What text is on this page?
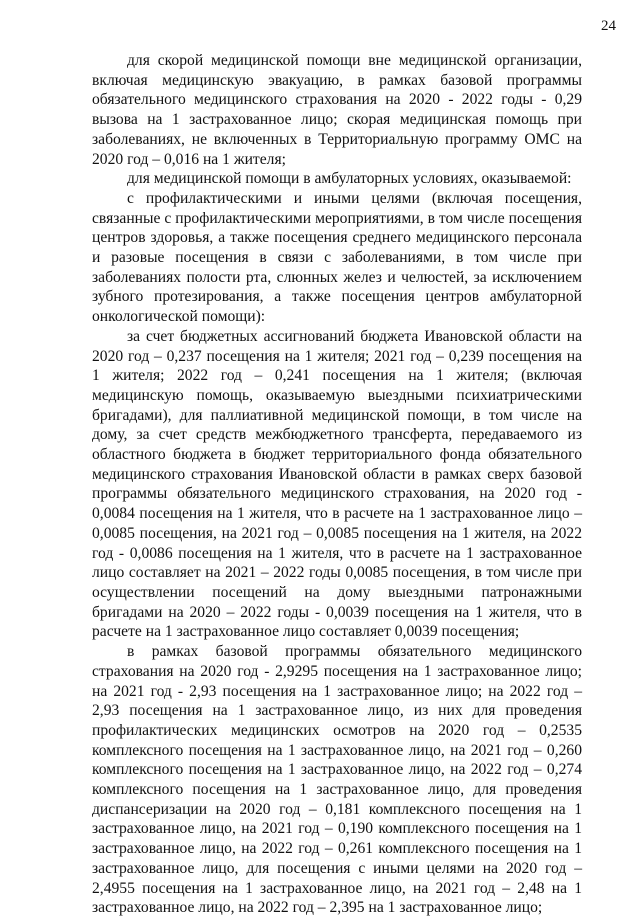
24

для скорой медицинской помощи вне медицинской организации, включая медицинскую эвакуацию, в рамках базовой программы обязательного медицинского страхования на 2020 - 2022 годы - 0,29 вызова на 1 застрахованное лицо; скорая медицинская помощь при заболеваниях, не включенных в Территориальную программу ОМС на 2020 год – 0,016 на 1 жителя;

для медицинской помощи в амбулаторных условиях, оказываемой:

с профилактическими и иными целями (включая посещения, связанные с профилактическими мероприятиями, в том числе посещения центров здоровья, а также посещения среднего медицинского персонала и разовые посещения в связи с заболеваниями, в том числе при заболеваниях полости рта, слюнных желез и челюстей, за исключением зубного протезирования, а также посещения центров амбулаторной онкологической помощи):

за счет бюджетных ассигнований бюджета Ивановской области на 2020 год – 0,237 посещения на 1 жителя; 2021 год – 0,239 посещения на 1 жителя; 2022 год – 0,241 посещения на 1 жителя; (включая медицинскую помощь, оказываемую выездными психиатрическими бригадами), для паллиативной медицинской помощи, в том числе на дому, за счет средств межбюджетного трансферта, передаваемого из областного бюджета в бюджет территориального фонда обязательного медицинского страхования Ивановской области в рамках сверх базовой программы обязательного медицинского страхования, на 2020 год - 0,0084 посещения на 1 жителя, что в расчете на 1 застрахованное лицо – 0,0085 посещения, на 2021 год – 0,0085 посещения на 1 жителя, на 2022 год - 0,0086 посещения на 1 жителя, что в расчете на 1 застрахованное лицо составляет на 2021 – 2022 годы 0,0085 посещения, в том числе при осуществлении посещений на дому выездными патронажными бригадами на 2020 – 2022 годы - 0,0039 посещения на 1 жителя, что в расчете на 1 застрахованное лицо составляет 0,0039 посещения;

в рамках базовой программы обязательного медицинского страхования на 2020 год - 2,9295 посещения на 1 застрахованное лицо; на 2021 год - 2,93 посещения на 1 застрахованное лицо; на 2022 год – 2,93 посещения на 1 застрахованное лицо, из них для проведения профилактических медицинских осмотров на 2020 год – 0,2535 комплексного посещения на 1 застрахованное лицо, на 2021 год – 0,260 комплексного посещения на 1 застрахованное лицо, на 2022 год – 0,274 комплексного посещения на 1 застрахованное лицо, для проведения диспансеризации на 2020 год – 0,181 комплексного посещения на 1 застрахованное лицо, на 2021 год – 0,190 комплексного посещения на 1 застрахованное лицо, на 2022 год – 0,261 комплексного посещения на 1 застрахованное лицо, для посещения с иными целями на 2020 год – 2,4955 посещения на 1 застрахованное лицо, на 2021 год – 2,48 на 1 застрахованное лицо, на 2022 год – 2,395 на 1 застрахованное лицо;
